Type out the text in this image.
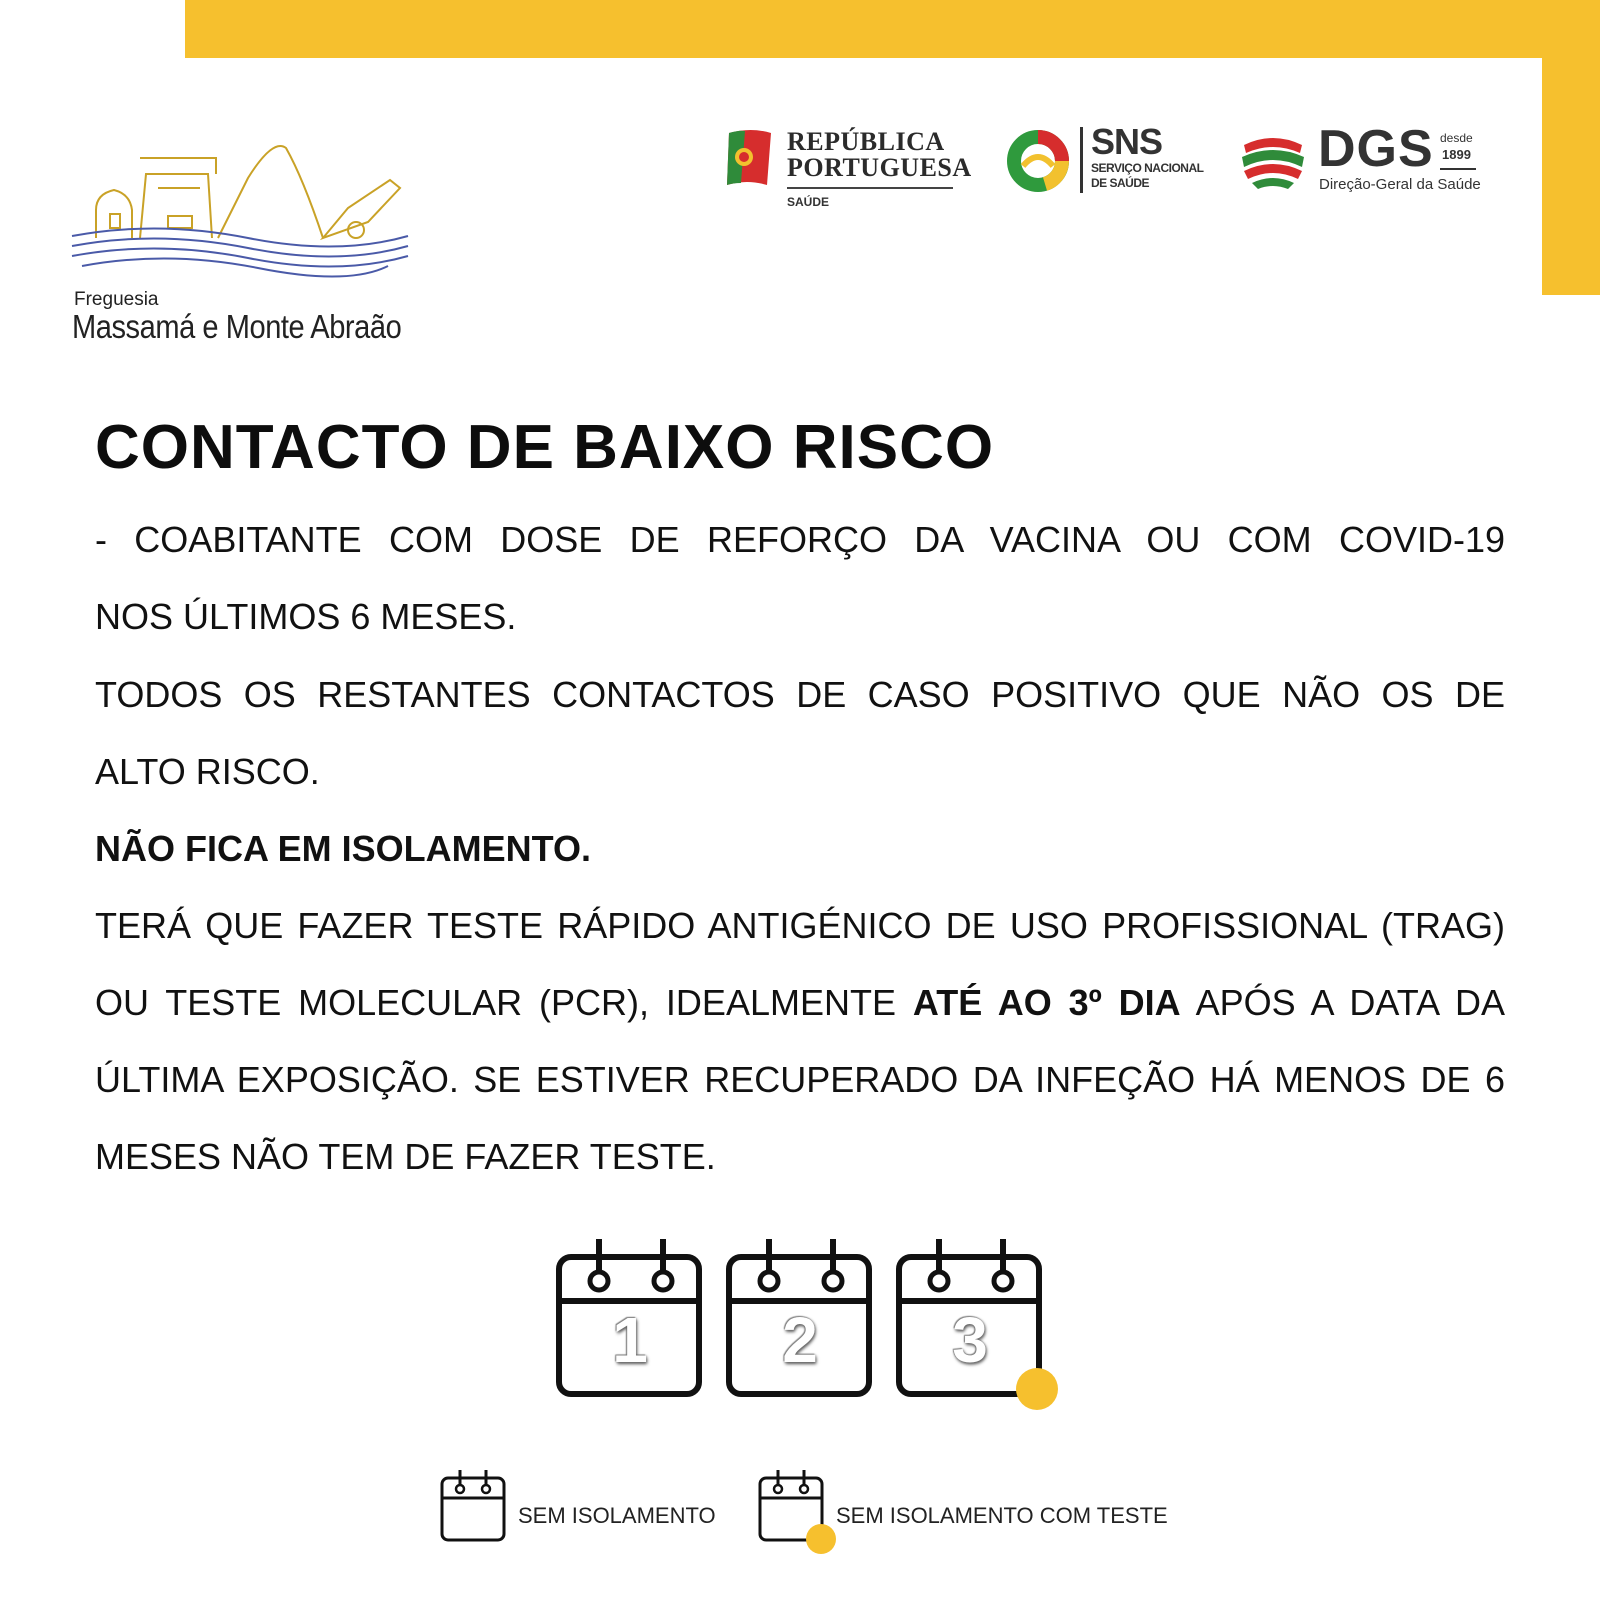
Freguesia
Massamá e Monte Abraão
REPÚBLICA
PORTUGUESA
SAÚDE
SNS
SERVIÇO NACIONAL
DE SAÚDE
DGS desde
1899
Direção-Geral da Saúde
CONTACTO DE BAIXO RISCO

- COABITANTE COM DOSE DE REFORÇO DA VACINA OU COM COVID-19

NOS ÚLTIMOS 6 MESES.

TODOS OS RESTANTES CONTACTOS DE CASO POSITIVO QUE NÃO OS DE

ALTO RISCO.

NÃO FICA EM ISOLAMENTO.

TERÁ QUE FAZER TESTE RÁPIDO ANTIGÉNICO DE USO PROFISSIONAL (TRAG)

OU TESTE MOLECULAR (PCR), IDEALMENTE ATÉ AO 3º DIA APÓS A DATA DA

ÚLTIMA EXPOSIÇÃO. SE ESTIVER RECUPERADO DA INFEÇÃO HÁ MENOS DE 6

MESES NÃO TEM DE FAZER TESTE.

1	2	3
SEM ISOLAMENTO	SEM ISOLAMENTO COM TESTE
